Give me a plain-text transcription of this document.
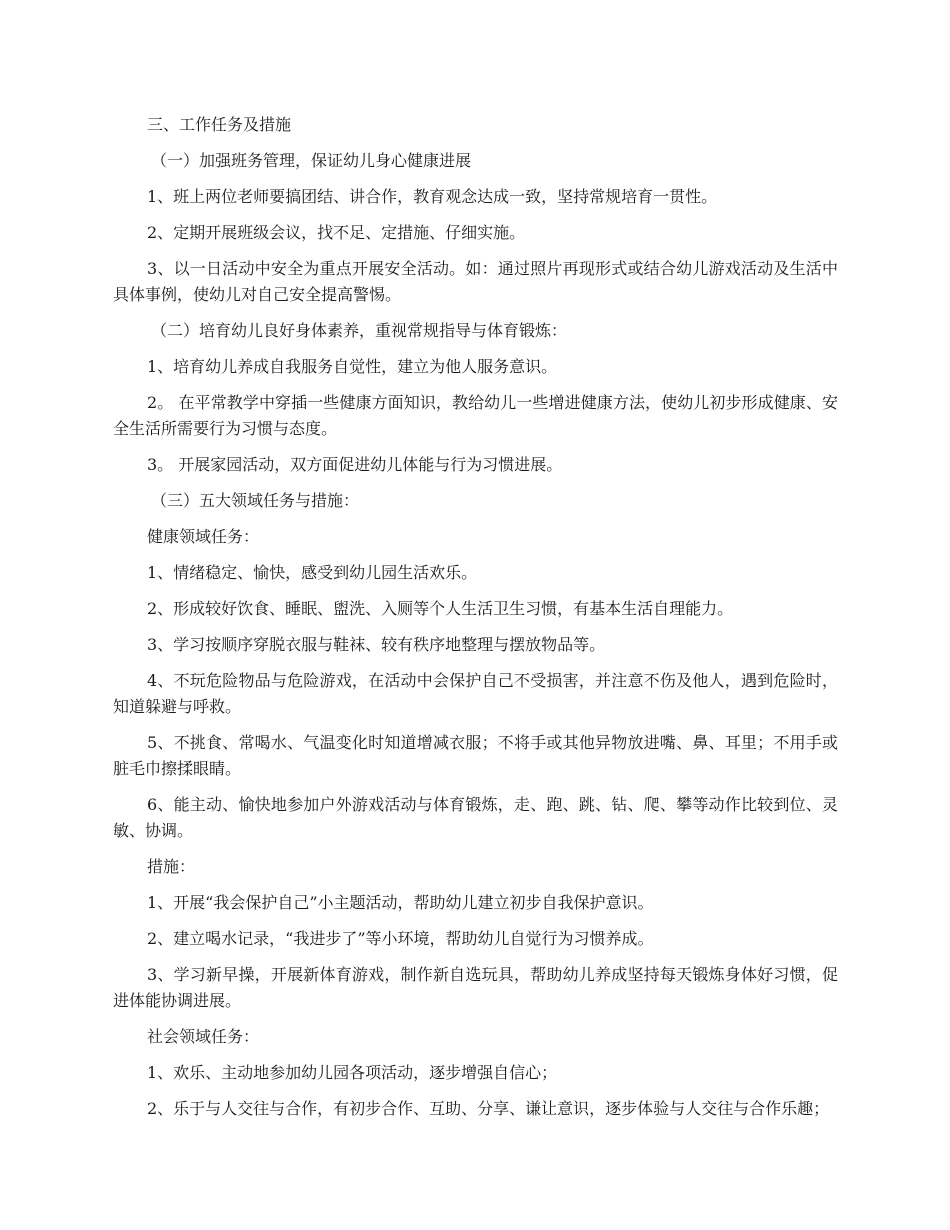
三、工作任务及措施

（一）加强班务管理，保证幼儿身心健康进展

1、班上两位老师要搞团结、讲合作，教育观念达成一致，坚持常规培育一贯性。

2、定期开展班级会议，找不足、定措施、仔细实施。

3、以一日活动中安全为重点开展安全活动。如：通过照片再现形式或结合幼儿游戏活动及生活中具体事例，使幼儿对自己安全提高警惕。

（二）培育幼儿良好身体素养，重视常规指导与体育锻炼：

1、培育幼儿养成自我服务自觉性，建立为他人服务意识。

2。 在平常教学中穿插一些健康方面知识，教给幼儿一些增进健康方法，使幼儿初步形成健康、安全生活所需要行为习惯与态度。

3。 开展家园活动，双方面促进幼儿体能与行为习惯进展。

（三）五大领域任务与措施：

健康领域任务：

1、情绪稳定、愉快，感受到幼儿园生活欢乐。

2、形成较好饮食、睡眠、盥洗、入厕等个人生活卫生习惯，有基本生活自理能力。

3、学习按顺序穿脱衣服与鞋袜、较有秩序地整理与摆放物品等。

4、不玩危险物品与危险游戏，在活动中会保护自己不受损害，并注意不伤及他人，遇到危险时，知道躲避与呼救。

5、不挑食、常喝水、气温变化时知道增减衣服；不将手或其他异物放进嘴、鼻、耳里；不用手或脏毛巾擦揉眼睛。

6、能主动、愉快地参加户外游戏活动与体育锻炼，走、跑、跳、钻、爬、攀等动作比较到位、灵敏、协调。

措施：

1、开展“我会保护自己”小主题活动，帮助幼儿建立初步自我保护意识。

2、建立喝水记录，“我进步了”等小环境，帮助幼儿自觉行为习惯养成。

3、学习新早操，开展新体育游戏，制作新自选玩具，帮助幼儿养成坚持每天锻炼身体好习惯，促进体能协调进展。

社会领域任务：

1、欢乐、主动地参加幼儿园各项活动，逐步增强自信心；

2、乐于与人交往与合作，有初步合作、互助、分享、谦让意识，逐步体验与人交往与合作乐趣；
